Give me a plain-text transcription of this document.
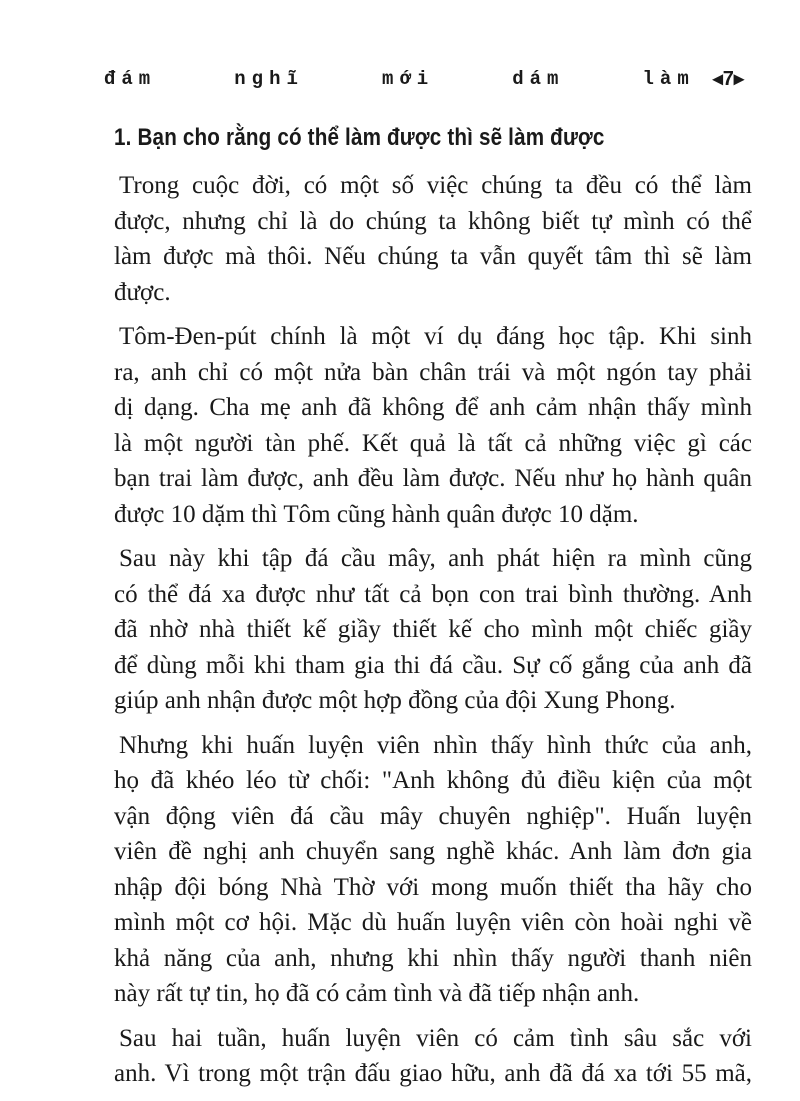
đám	nghĩ	mới	dám	làm ◂7▸
1. Bạn cho rằng có thể làm được thì sẽ làm được
Trong cuộc đời, có một số việc chúng ta đều có thể làm
được, nhưng chỉ là do chúng ta không biết tự mình có thể
làm được mà thôi. Nếu chúng ta vẫn quyết tâm thì sẽ làm
được.
Tôm-Đen-pút chính là một ví dụ đáng học tập. Khi sinh
ra, anh chỉ có một nửa bàn chân trái và một ngón tay phải
dị dạng. Cha mẹ anh đã không để anh cảm nhận thấy mình
là một người tàn phế. Kết quả là tất cả những việc gì các
bạn trai làm được, anh đều làm được. Nếu như họ hành quân
được 10 dặm thì Tôm cũng hành quân được 10 dặm.
Sau này khi tập đá cầu mây, anh phát hiện ra mình cũng
có thể đá xa được như tất cả bọn con trai bình thường. Anh
đã nhờ nhà thiết kế giầy thiết kế cho mình một chiếc giầy
để dùng mỗi khi tham gia thi đá cầu. Sự cố gắng của anh đã
giúp anh nhận được một hợp đồng của đội Xung Phong.
Nhưng khi huấn luyện viên nhìn thấy hình thức của anh,
họ đã khéo léo từ chối: "Anh không đủ điều kiện của một
vận động viên đá cầu mây chuyên nghiệp". Huấn luyện
viên đề nghị anh chuyển sang nghề khác. Anh làm đơn gia
nhập đội bóng Nhà Thờ với mong muốn thiết tha hãy cho
mình một cơ hội. Mặc dù huấn luyện viên còn hoài nghi về
khả năng của anh, nhưng khi nhìn thấy người thanh niên
này rất tự tin, họ đã có cảm tình và đã tiếp nhận anh.
Sau hai tuần, huấn luyện viên có cảm tình sâu sắc với
anh. Vì trong một trận đấu giao hữu, anh đã đá xa tới 55 mã,
